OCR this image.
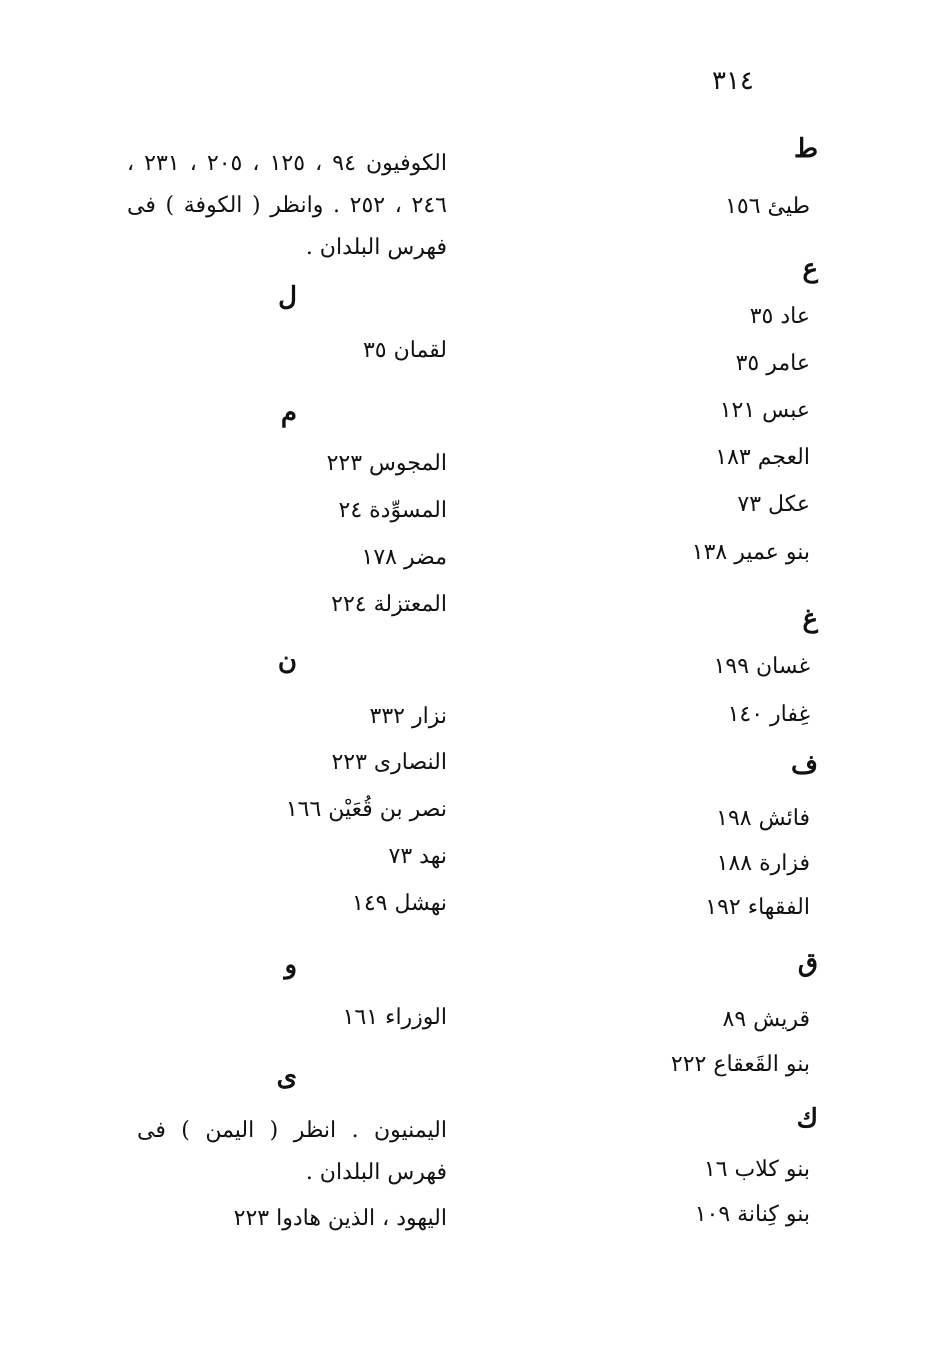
٣١٤
ط
طيئ ١٥٦
ع
عاد ٣٥
عامر ٣٥
عبس ١٢١
العجم ١٨٣
عكل ٧٣
بنو عمير ١٣٨
غ
غسان ١٩٩
غِفار ١٤٠
ف
فائش ١٩٨
فزارة ١٨٨
الفقهاء ١٩٢
ق
قريش ٨٩
بنو القَعقاع ٢٢٢
ك
بنو كلاب ١٦
بنو كِنانة ١٠٩
الكوفيون ٩٤ ، ١٢٥ ، ٢٠٥ ، ٢٣١ ، ٢٤٦ ، ٢٥٢ . وانظر ( الكوفة ) فى فهرس البلدان .
ل
لقمان ٣٥
م
المجوس ٢٢٣
المسوِّدة ٢٤
مضر ١٧٨
المعتزلة ٢٢٤
ن
نزار ٣٣٢
النصارى ٢٢٣
نصر بن قُعَيْن ١٦٦
نهد ٧٣
نهشل ١٤٩
و
الوزراء ١٦١
ى
اليمنيون . انظر ( اليمن ) فى فهرس البلدان .
اليهود ، الذين هادوا ٢٢٣
